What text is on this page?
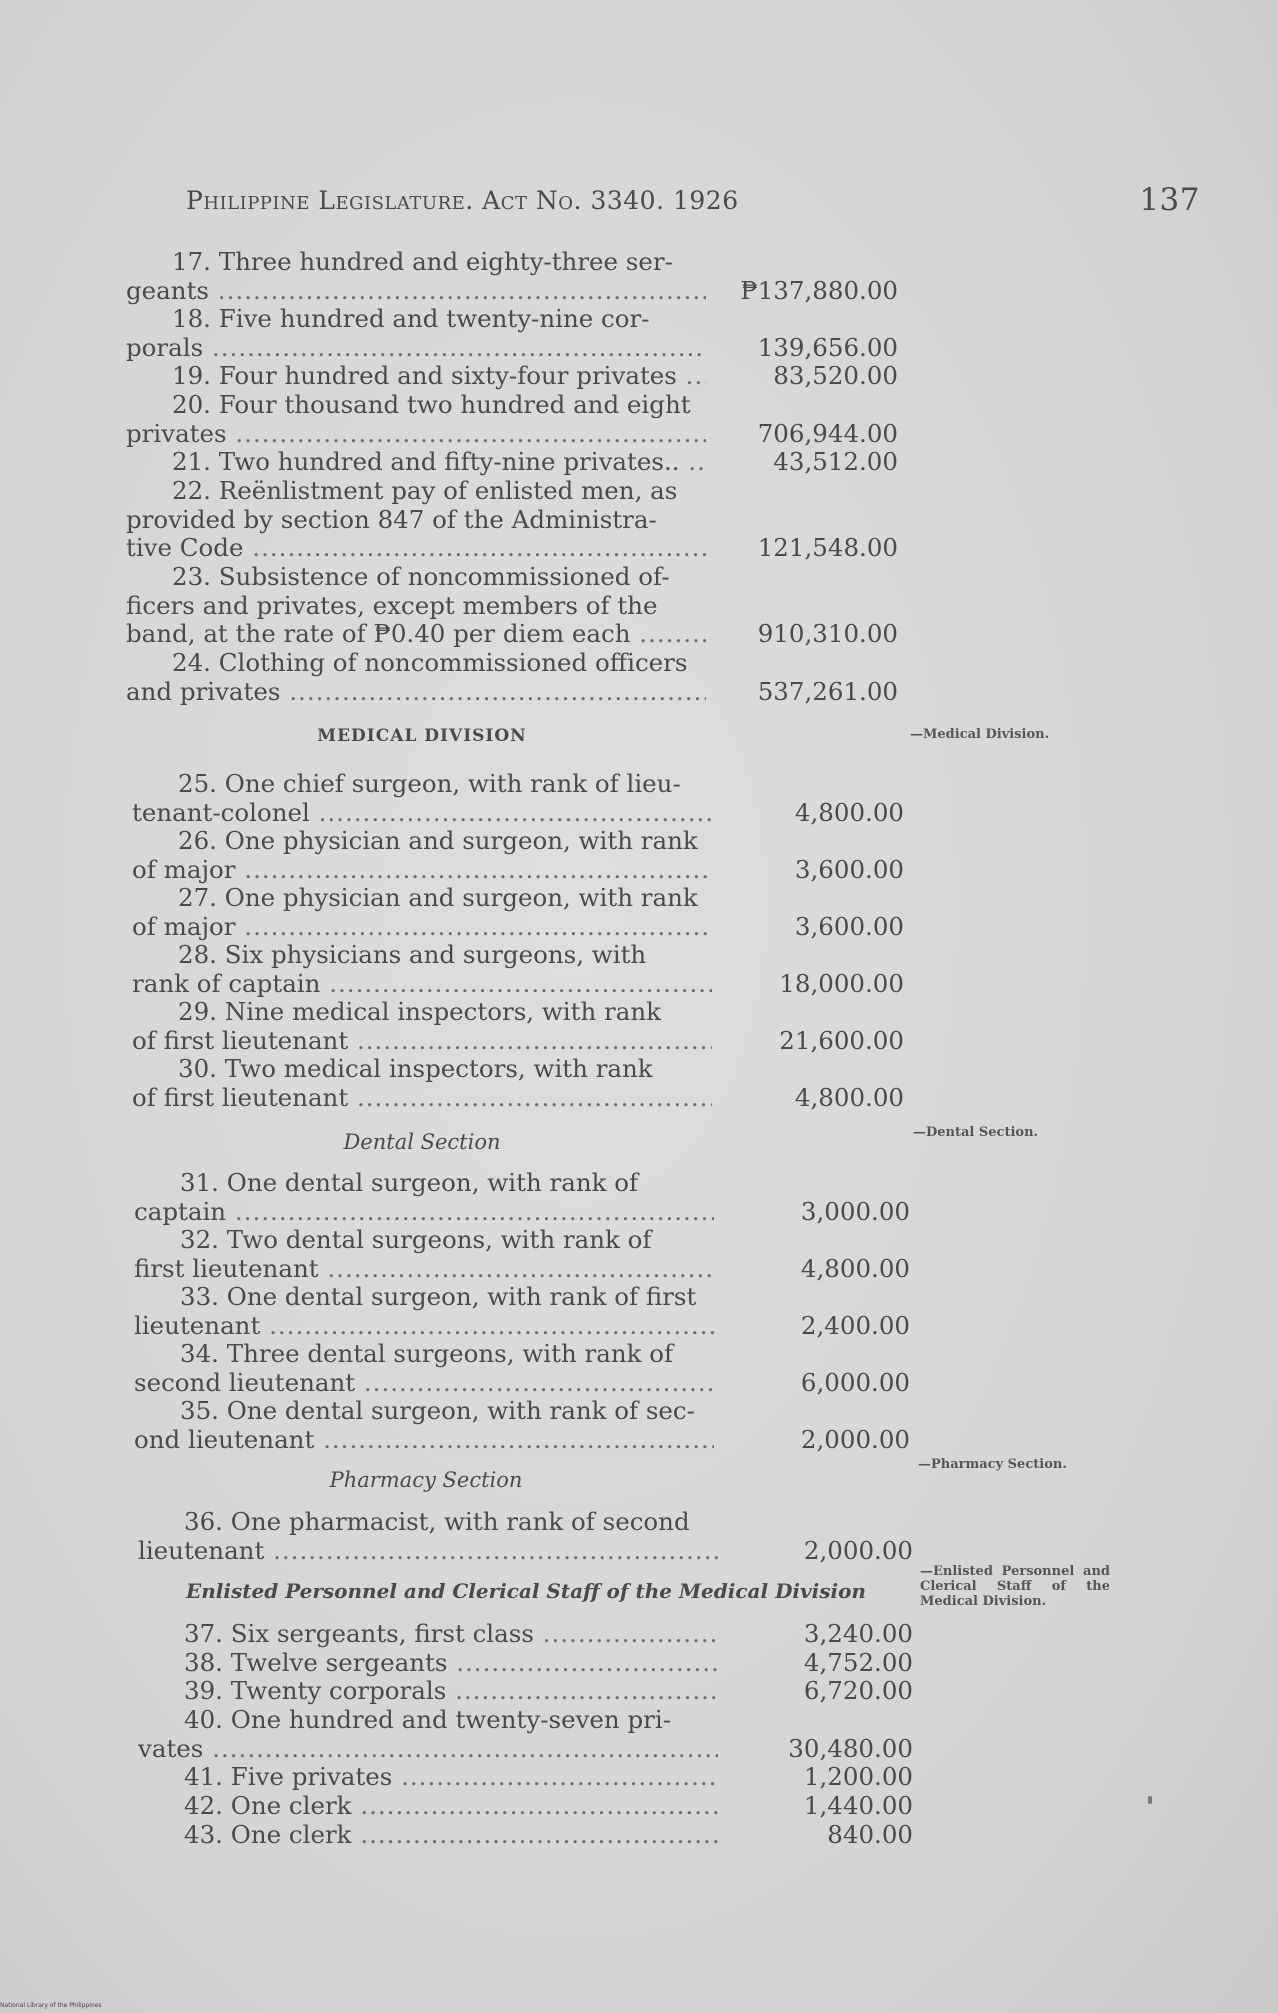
Philippine Legislature. Act No. 3340. 1926	137
17. Three hundred and eighty-three ser-
geants .....	₱137,880.00
18. Five hundred and twenty-nine cor-
porals .....	139,656.00
19. Four hundred and sixty-four privates .....	83,520.00
20. Four thousand two hundred and eight
privates .....	706,944.00
21. Two hundred and fifty-nine privates.. .....	43,512.00
22. Reënlistment pay of enlisted men, as
provided by section 847 of the Administra-
tive Code .....	121,548.00
23. Subsistence of noncommissioned of-
ficers and privates, except members of the
band, at the rate of ₱0.40 per diem each .....	910,310.00
24. Clothing of noncommissioned officers
and privates .....	537,261.00
25. One chief surgeon, with rank of lieu-
tenant-colonel .....	4,800.00
26. One physician and surgeon, with rank
of major .....	3,600.00
27. One physician and surgeon, with rank
of major .....	3,600.00
28. Six physicians and surgeons, with
rank of captain .....	18,000.00
29. Nine medical inspectors, with rank
of first lieutenant .....	21,600.00
30. Two medical inspectors, with rank
of first lieutenant .....	4,800.00
31. One dental surgeon, with rank of
captain .....	3,000.00
32. Two dental surgeons, with rank of
first lieutenant .....	4,800.00
33. One dental surgeon, with rank of first
lieutenant .....	2,400.00
34. Three dental surgeons, with rank of
second lieutenant .....	6,000.00
35. One dental surgeon, with rank of sec-
ond lieutenant .....	2,000.00
36. One pharmacist, with rank of second
lieutenant .....	2,000.00
37. Six sergeants, first class .....	3,240.00
38. Twelve sergeants .....	4,752.00
39. Twenty corporals .....	6,720.00
40. One hundred and twenty-seven pri-
vates .....	30,480.00
41. Five privates .....	1,200.00
42. One clerk .....	1,440.00
43. One clerk .....	840.00
MEDICAL DIVISION	—Medical Division.
Dental Section	—Dental Section.
Pharmacy Section
—Pharmacy Section.
Enlisted Personnel and Clerical Staff of the Medical Division
—Enlisted Personnel and Clerical Staff of the Medical Division.
National Library of the Philippines
